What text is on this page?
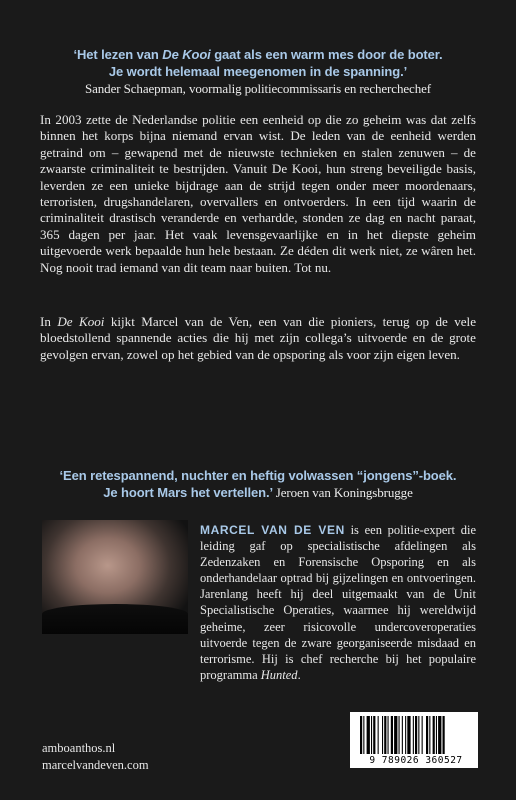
‘Het lezen van De Kooi gaat als een warm mes door de boter.
Je wordt helemaal meegenomen in de spanning.’
Sander Schaepman, voormalig politiecommissaris en recherchechef

In 2003 zette de Nederlandse politie een eenheid op die zo geheim was dat zelfs binnen het korps bijna niemand ervan wist. De leden van de eenheid werden getraind om – gewapend met de nieuwste technieken en stalen zenuwen – de zwaarste criminaliteit te bestrijden. Vanuit De Kooi, hun streng beveiligde basis, leverden ze een unieke bijdrage aan de strijd tegen onder meer moordenaars, terroristen, drugshandelaren, overvallers en ontvoerders. In een tijd waarin de criminaliteit drastisch veranderde en verhardde, stonden ze dag en nacht paraat, 365 dagen per jaar. Het vaak levensgevaarlijke en in het diepste geheim uitgevoerde werk bepaalde hun hele bestaan. Ze déden dit werk niet, ze wâren het. Nog nooit trad iemand van dit team naar buiten. Tot nu.

In De Kooi kijkt Marcel van de Ven, een van die pioniers, terug op de vele bloedstollend spannende acties die hij met zijn collega’s uitvoerde en de grote gevolgen ervan, zowel op het gebied van de opsporing als voor zijn eigen leven.

‘Een retespannend, nuchter en heftig volwassen “jongens”-boek.
Je hoort Mars het vertellen.’ Jeroen van Koningsbrugge
MARCEL VAN DE VEN is een politie-expert die leiding gaf op specialistische afdelingen als Zedenzaken en Forensische Opsporing en als onderhandelaar optrad bij gijzelingen en ontvoeringen. Jarenlang heeft hij deel uitgemaakt van de Unit Specialistische Operaties, waarmee hij wereldwijd geheime, zeer risicovolle undercoveroperaties uitvoerde tegen de zware georganiseerde misdaad en terrorisme. Hij is chef recherche bij het populaire programma Hunted.
amboanthos.nl
marcelvandeven.com	9 789026 360527
